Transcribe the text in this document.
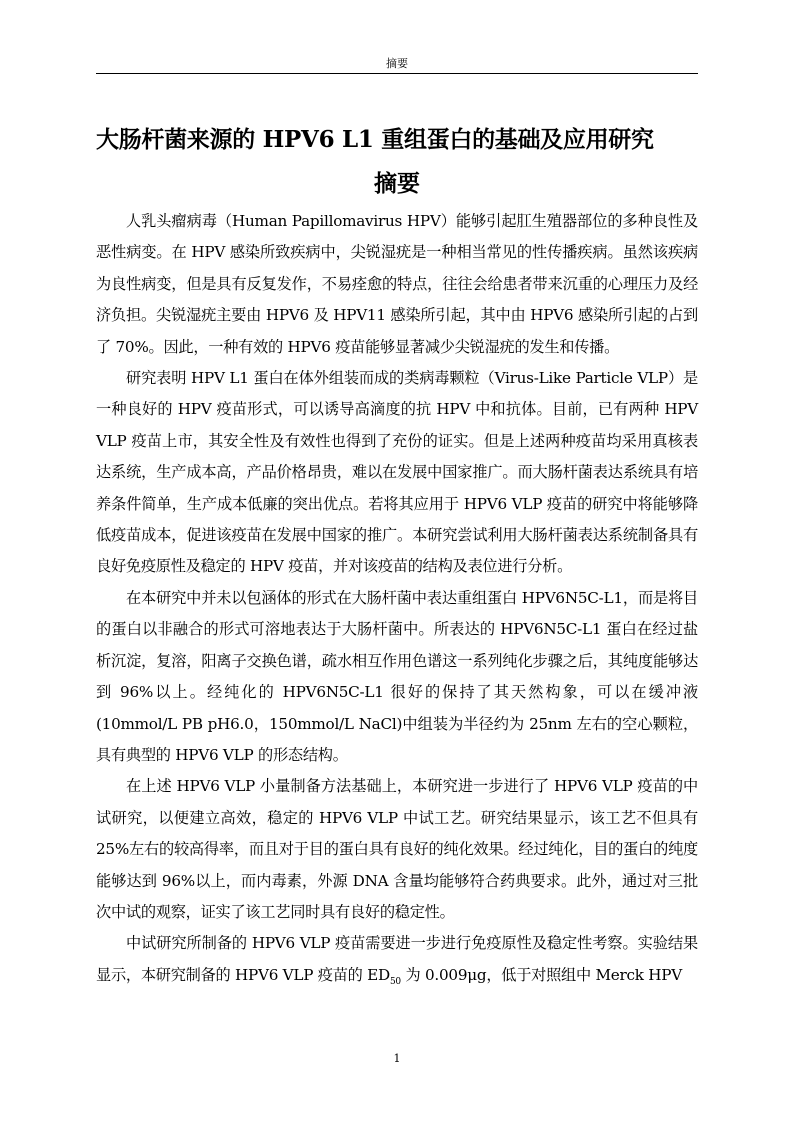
摘要
大肠杆菌来源的 HPV6 L1 重组蛋白的基础及应用研究
摘要

人乳头瘤病毒（Human Papillomavirus HPV）能够引起肛生殖器部位的多种良性及恶性病变。在 HPV 感染所致疾病中，尖锐湿疣是一种相当常见的性传播疾病。虽然该疾病为良性病变，但是具有反复发作，不易痊愈的特点，往往会给患者带来沉重的心理压力及经济负担。尖锐湿疣主要由 HPV6 及 HPV11 感染所引起，其中由 HPV6 感染所引起的占到了 70%。因此，一种有效的 HPV6 疫苗能够显著减少尖锐湿疣的发生和传播。

研究表明 HPV L1 蛋白在体外组装而成的类病毒颗粒（Virus-Like Particle VLP）是一种良好的 HPV 疫苗形式，可以诱导高滴度的抗 HPV 中和抗体。目前，已有两种 HPV VLP 疫苗上市，其安全性及有效性也得到了充份的证实。但是上述两种疫苗均采用真核表达系统，生产成本高，产品价格昂贵，难以在发展中国家推广。而大肠杆菌表达系统具有培养条件简单，生产成本低廉的突出优点。若将其应用于 HPV6 VLP 疫苗的研究中将能够降低疫苗成本，促进该疫苗在发展中国家的推广。本研究尝试利用大肠杆菌表达系统制备具有良好免疫原性及稳定的 HPV 疫苗，并对该疫苗的结构及表位进行分析。

在本研究中并未以包涵体的形式在大肠杆菌中表达重组蛋白 HPV6N5C-L1，而是将目的蛋白以非融合的形式可溶地表达于大肠杆菌中。所表达的 HPV6N5C-L1 蛋白在经过盐析沉淀，复溶，阳离子交换色谱，疏水相互作用色谱这一系列纯化步骤之后，其纯度能够达到 96%以上。经纯化的 HPV6N5C-L1 很好的保持了其天然构象，可以在缓冲液(10mmol/L PB pH6.0，150mmol/L NaCl)中组装为半径约为 25nm 左右的空心颗粒，具有典型的 HPV6 VLP 的形态结构。

在上述 HPV6 VLP 小量制备方法基础上，本研究进一步进行了 HPV6 VLP 疫苗的中试研究，以便建立高效，稳定的 HPV6 VLP 中试工艺。研究结果显示，该工艺不但具有 25%左右的较高得率，而且对于目的蛋白具有良好的纯化效果。经过纯化，目的蛋白的纯度能够达到 96%以上，而内毒素，外源 DNA 含量均能够符合药典要求。此外，通过对三批次中试的观察，证实了该工艺同时具有良好的稳定性。

中试研究所制备的 HPV6 VLP 疫苗需要进一步进行免疫原性及稳定性考察。实验结果显示，本研究制备的 HPV6 VLP 疫苗的 $ED_{50}$ 为 0.009μg，低于对照组中 Merck HPV

1
